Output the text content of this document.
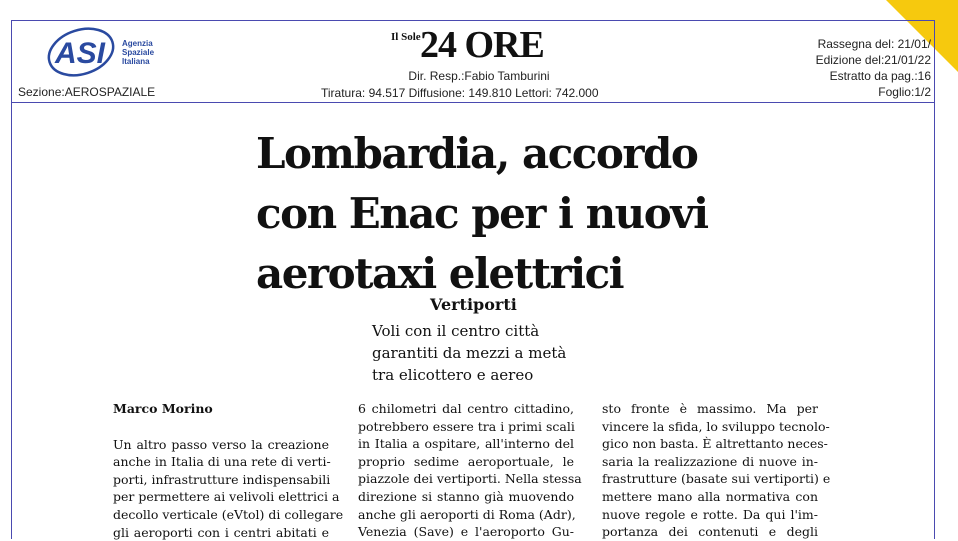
ASI Agenzia
Spaziale
Italiana
Sezione:AEROSPAZIALE
Il Sole 24 ORE
Dir. Resp.:Fabio Tamburini
Tiratura: 94.517 Diffusione: 149.810 Lettori: 742.000
Rassegna del: 21/01/
Edizione del:21/01/22
Estratto da pag.:16
Foglio:1/2
Lombardia, accordo
con Enac per i nuovi
aerotaxi elettrici
Vertiporti
Voli con il centro città
garantiti da mezzi a metà
tra elicottero e aereo
Marco Morino
Un altro passo verso la creazione
anche in Italia di una rete di verti-
porti, infrastrutture indispensabili
per permettere ai velivoli elettrici a
decollo verticale (eVtol) di collegare
gli aeroporti con i centri abitati e
6 chilometri dal centro cittadino,
potrebbero essere tra i primi scali
in Italia a ospitare, all'interno del
proprio sedime aeroportuale, le
piazzole dei vertiporti. Nella stessa
direzione si stanno già muovendo
anche gli aeroporti di Roma (Adr),
Venezia (Save) e l'aeroporto Gu-
sto fronte è massimo. Ma per
vincere la sfida, lo sviluppo tecnolo-
gico non basta. È altrettanto neces-
saria la realizzazione di nuove in-
frastrutture (basate sui vertiporti) e
mettere mano alla normativa con
nuove regole e rotte. Da qui l'im-
portanza dei contenuti e degli
